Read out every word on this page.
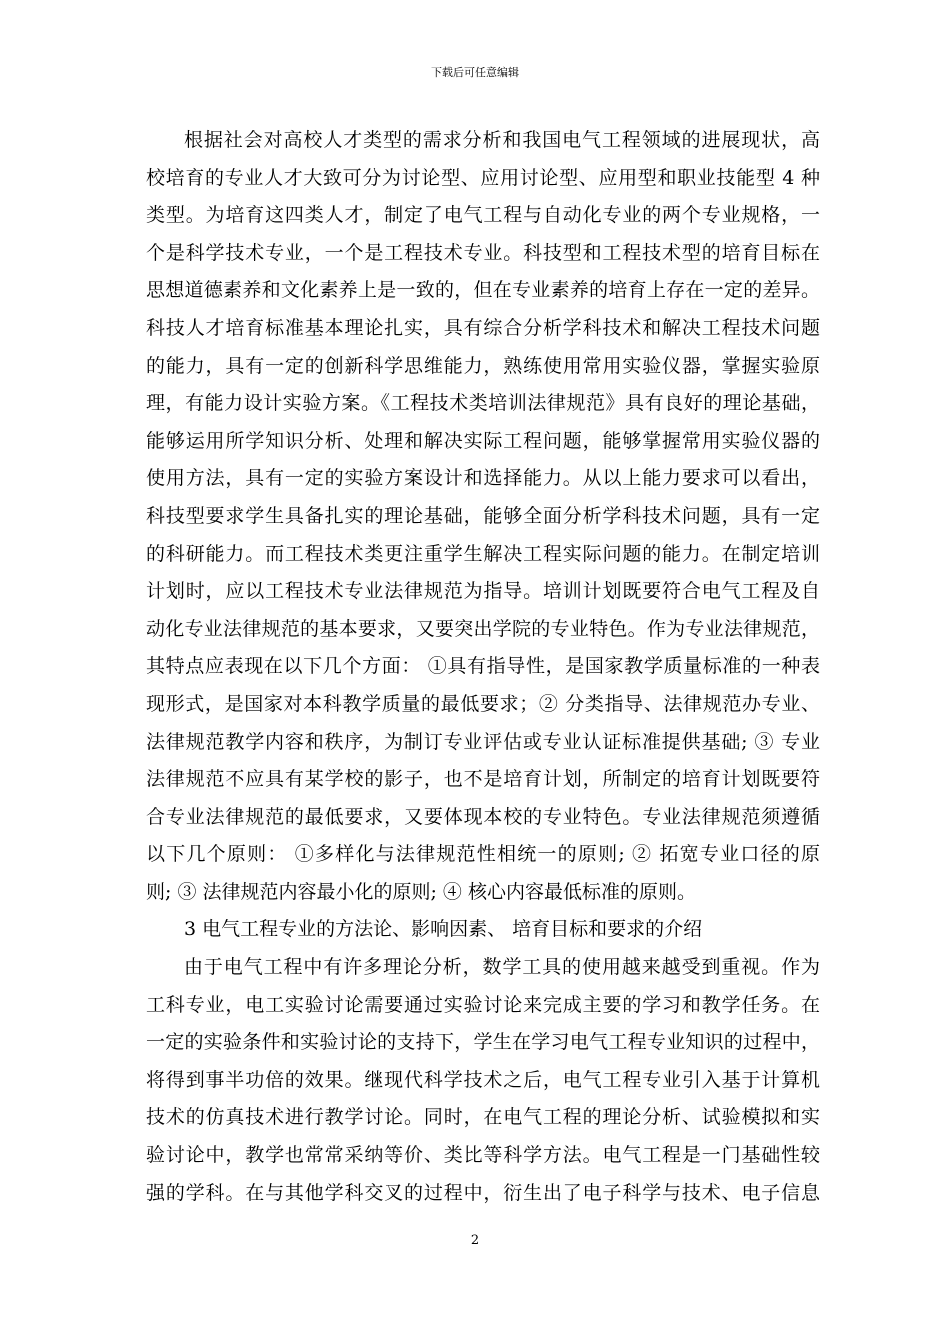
下载后可任意编辑
根据社会对高校人才类型的需求分析和我国电气工程领域的进展现状，高
校培育的专业人才大致可分为讨论型、应用讨论型、应用型和职业技能型 4 种
类型。为培育这四类人才，制定了电气工程与自动化专业的两个专业规格，一
个是科学技术专业，一个是工程技术专业。科技型和工程技术型的培育目标在
思想道德素养和文化素养上是一致的，但在专业素养的培育上存在一定的差异。
科技人才培育标准基本理论扎实，具有综合分析学科技术和解决工程技术问题
的能力，具有一定的创新科学思维能力，熟练使用常用实验仪器，掌握实验原
理，有能力设计实验方案。《工程技术类培训法律规范》具有良好的理论基础，
能够运用所学知识分析、处理和解决实际工程问题，能够掌握常用实验仪器的
使用方法，具有一定的实验方案设计和选择能力。从以上能力要求可以看出，
科技型要求学生具备扎实的理论基础，能够全面分析学科技术问题，具有一定
的科研能力。而工程技术类更注重学生解决工程实际问题的能力。在制定培训
计划时，应以工程技术专业法律规范为指导。培训计划既要符合电气工程及自
动化专业法律规范的基本要求，又要突出学院的专业特色。作为专业法律规范，
其特点应表现在以下几个方面： ①具有指导性，是国家教学质量标准的一种表
现形式，是国家对本科教学质量的最低要求；② 分类指导、法律规范办专业、
法律规范教学内容和秩序，为制订专业评估或专业认证标准提供基础; ③ 专业
法律规范不应具有某学校的影子，也不是培育计划，所制定的培育计划既要符
合专业法律规范的最低要求，又要体现本校的专业特色。专业法律规范须遵循
以下几个原则： ①多样化与法律规范性相统一的原则; ② 拓宽专业口径的原
则; ③ 法律规范内容最小化的原则; ④ 核心内容最低标准的原则。
3 电气工程专业的方法论、影响因素、 培育目标和要求的介绍
由于电气工程中有许多理论分析，数学工具的使用越来越受到重视。作为
工科专业，电工实验讨论需要通过实验讨论来完成主要的学习和教学任务。在
一定的实验条件和实验讨论的支持下，学生在学习电气工程专业知识的过程中，
将得到事半功倍的效果。继现代科学技术之后，电气工程专业引入基于计算机
技术的仿真技术进行教学讨论。同时，在电气工程的理论分析、试验模拟和实
验讨论中，教学也常常采纳等价、类比等科学方法。电气工程是一门基础性较
强的学科。在与其他学科交叉的过程中，衍生出了电子科学与技术、电子信息
2
